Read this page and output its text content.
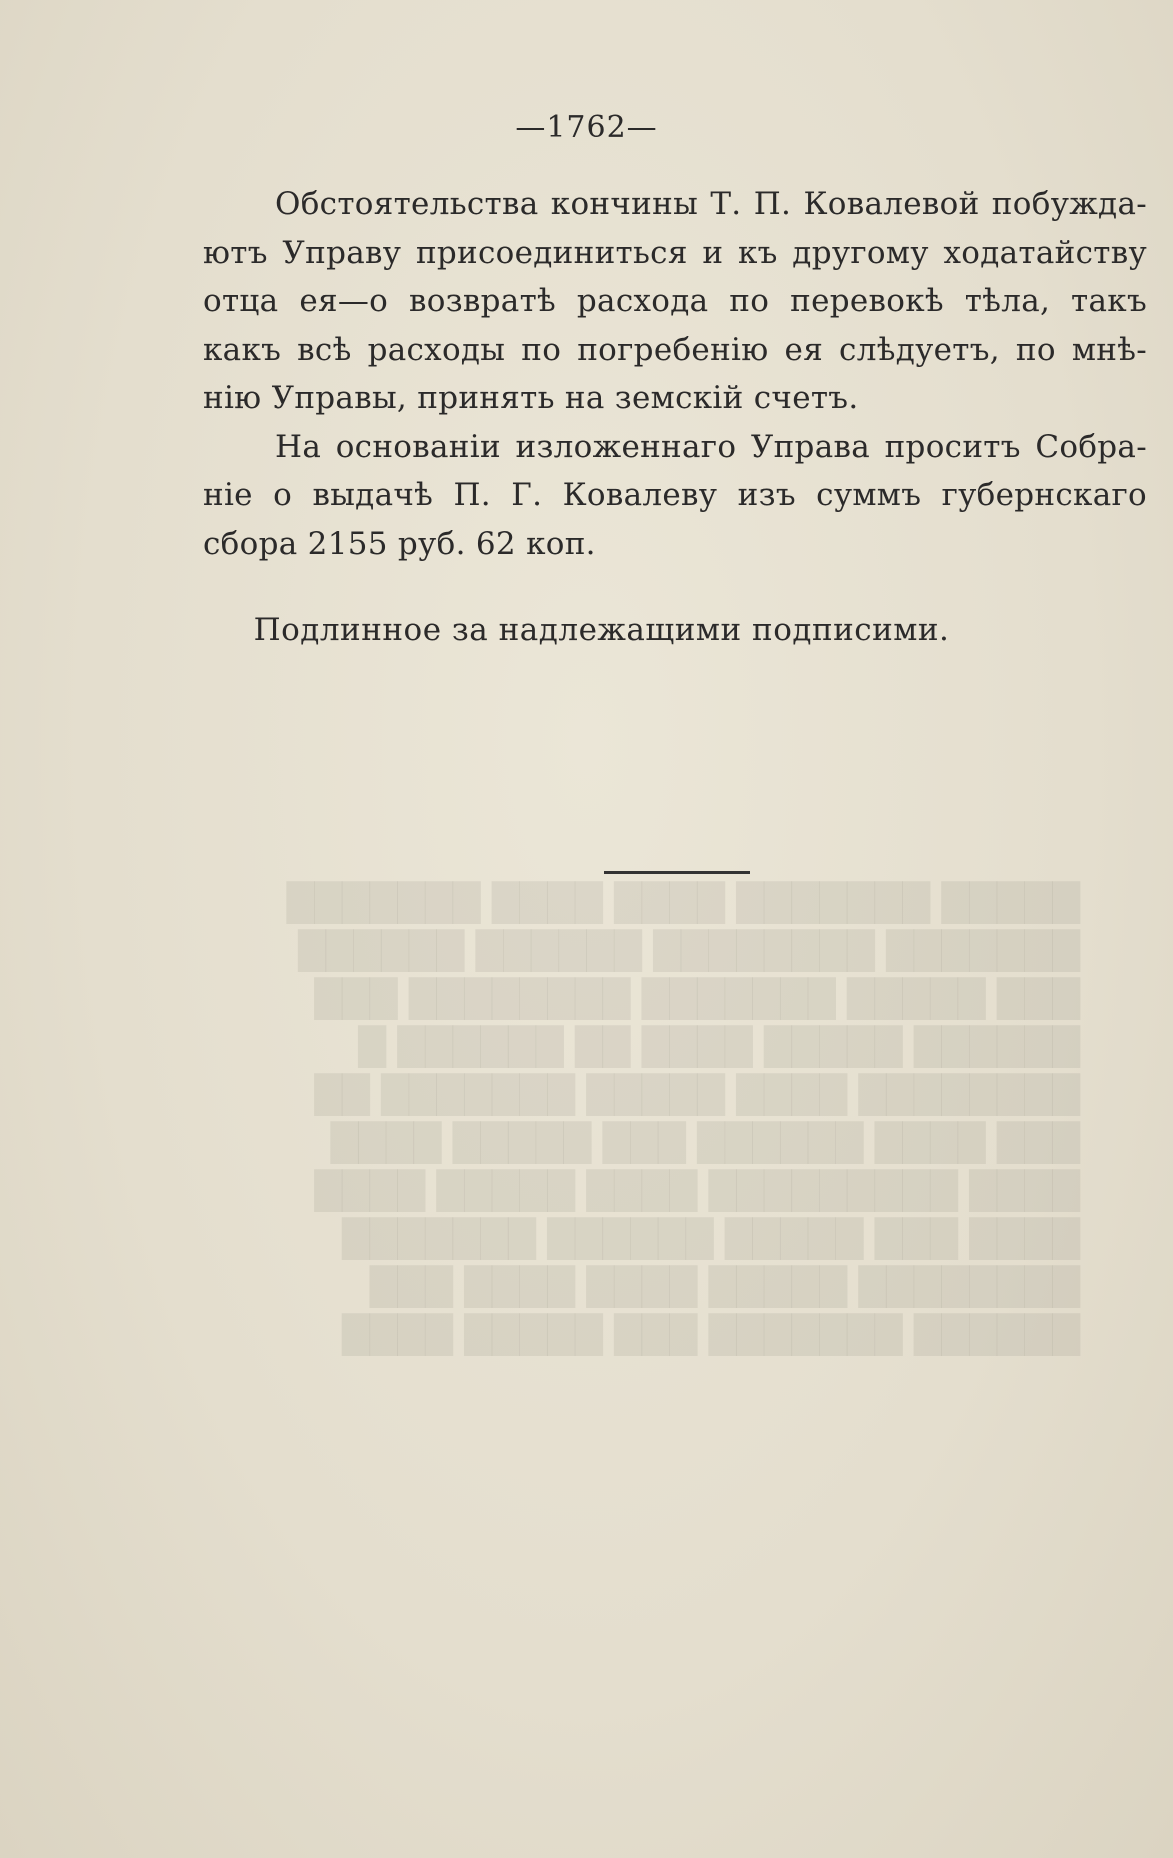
█████ ███████ ████ ████ ███████
███████ ████████ ██████ ██████
███ █████ ███████ ████████ ███
██████ █████ ████ ██ ██████ █
████████ ████ █████ ███████ ██
███ ████ ██████ ███ █████ ████
████ █████████ ████ █████ ████
████ ███ █████ ██████ ███████
████████ █████ ████ ████ ███
██████ ███████ ███ █████ ████
—1762—

Обстоятельства кончины Т. П. Ковалевой побужда-
ютъ Управу присоединиться и къ другому ходатайству
отца ея—о возвратѣ расхода по перевокѣ тѣла, такъ
какъ всѣ расходы по погребенію ея слѣдуетъ, по мнѣ-
нію Управы, принять на земскій счетъ.

На основаніи изложеннаго Управа проситъ Собра-
ніе о выдачѣ П. Г. Ковалеву изъ суммъ губернскаго
сбора 2155 руб. 62 коп.

Подлинное за надлежащими подписими.
